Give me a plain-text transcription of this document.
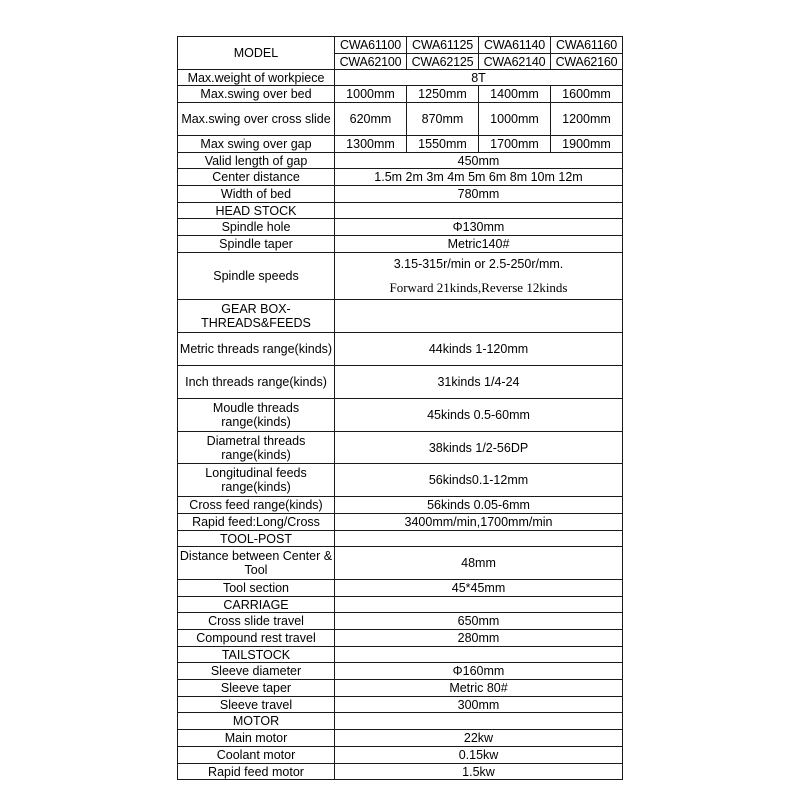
MODEL	CWA61100	CWA61125	CWA61140	CWA61160
	CWA62100	CWA62125	CWA62140	CWA62160
Max.weight of workpiece	8T			
Max.swing over bed	1000mm	1250mm	1400mm	1600mm
Max.swing over cross slide	620mm	870mm	1000mm	1200mm
Max swing over gap	1300mm	1550mm	1700mm	1900mm
Valid length of gap	450mm			
Center distance	1.5m 2m 3m 4m 5m 6m 8m 10m 12m			
Width of bed	780mm			
HEAD STOCK				
Spindle hole	Φ130mm			
Spindle taper	Metric140#			
Spindle speeds	3.15-315r/min or 2.5-250r/mm.
Forward 21kinds,Reverse 12kinds			

GEAR BOX-THREADS&FEEDS				
Metric threads range(kinds)	44kinds 1-120mm			
Inch threads range(kinds)	31kinds 1/4-24			
Moudle threads range(kinds)	45kinds 0.5-60mm			
Diametral threads range(kinds)	38kinds 1/2-56DP			
Longitudinal feeds range(kinds)	56kinds0.1-12mm			
Cross feed range(kinds)	56kinds 0.05-6mm			
Rapid feed:Long/Cross	3400mm/min,1700mm/min			
TOOL-POST				
Distance between Center & Tool	48mm			
Tool section	45*45mm			
CARRIAGE				
Cross slide travel	650mm			
Compound rest travel	280mm			
TAILSTOCK				
Sleeve diameter	Φ160mm			
Sleeve taper	Metric 80#			
Sleeve travel	300mm			
MOTOR				
Main motor	22kw			
Coolant motor	0.15kw			
Rapid feed motor	1.5kw			
